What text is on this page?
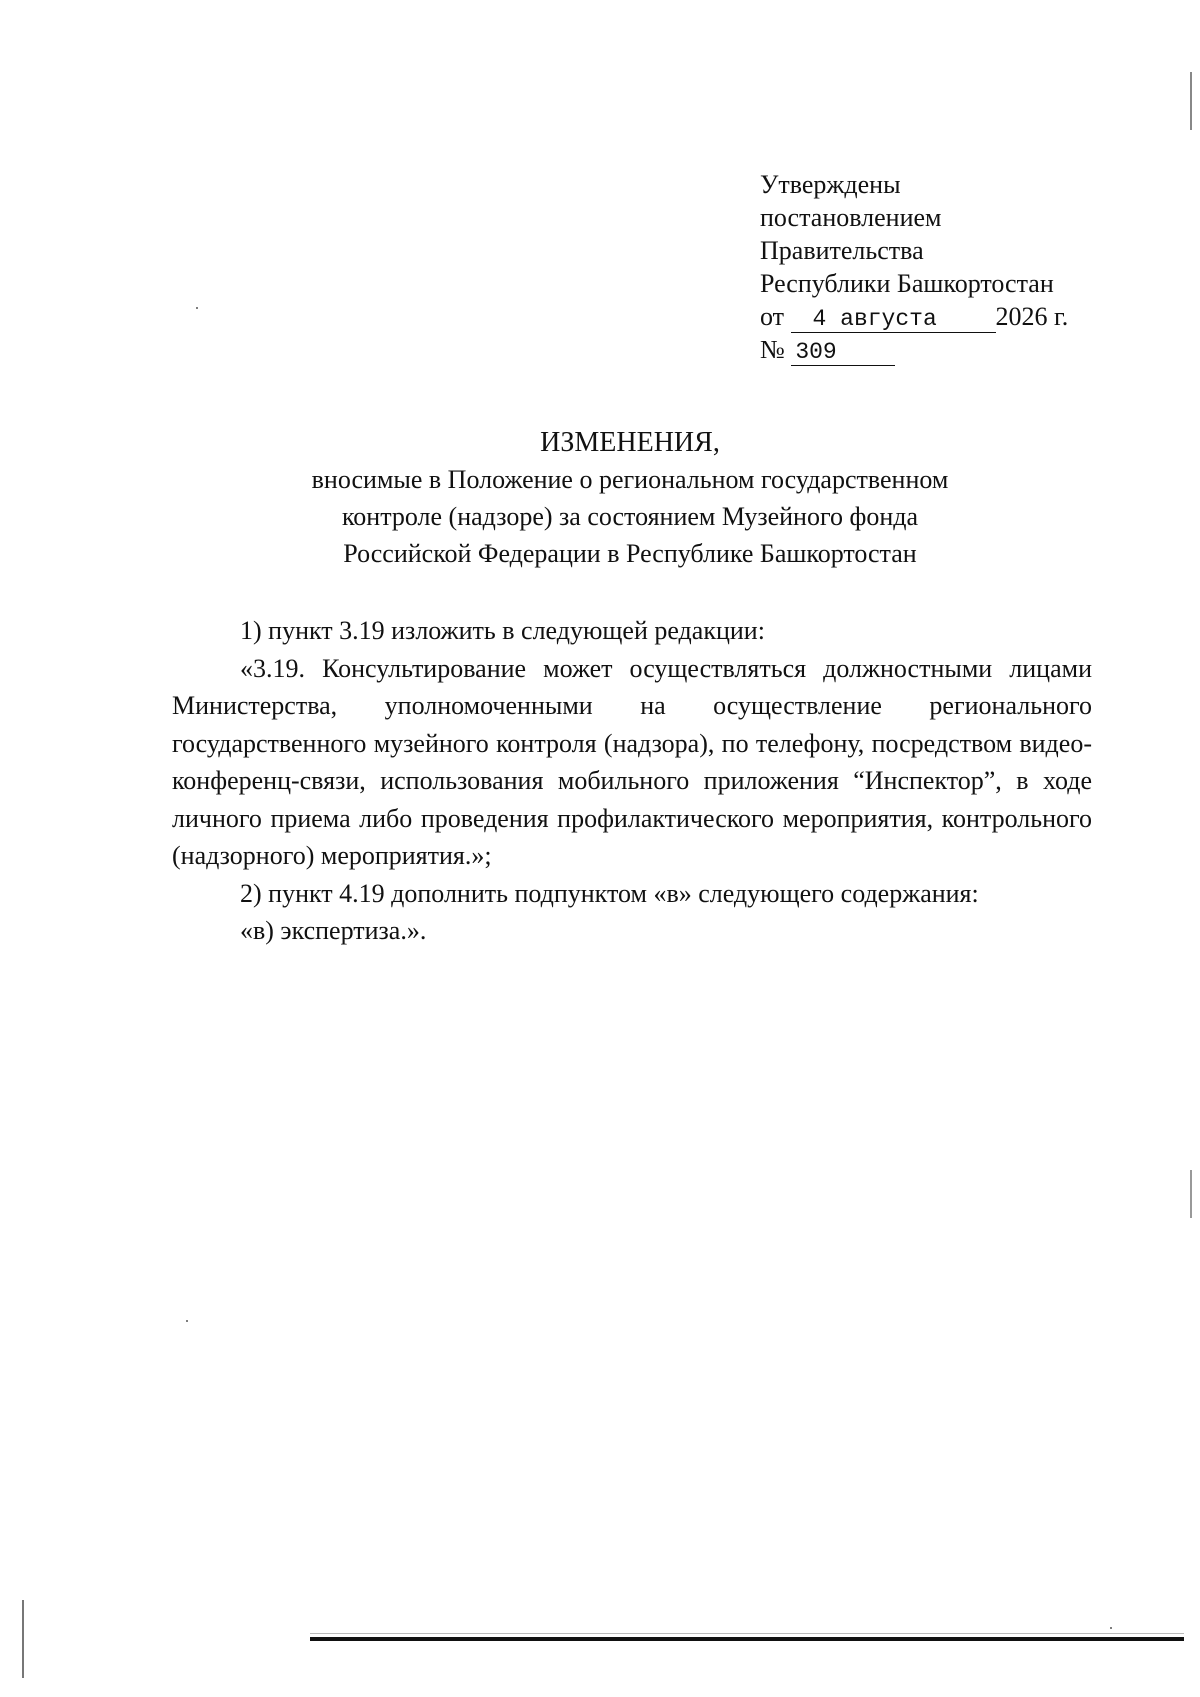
Утверждены
постановлением
Правительства
Республики Башкортостан
от 4 августа 2026 г.
№ 309
ИЗМЕНЕНИЯ,
вносимые в Положение о региональном государственном
контроле (надзоре) за состоянием Музейного фонда
Российской Федерации в Республике Башкортостан

1) пункт 3.19 изложить в следующей редакции:

«3.19. Консультирование может осуществляться должностными лицами Министерства, уполномоченными на осуществление регионального государственного музейного контроля (надзора), по телефону, посредством видео-конференц-связи, использования мобильного приложения “Инспектор”, в ходе личного приема либо проведения профилактического мероприятия, контрольного (надзорного) мероприятия.»;

2) пункт 4.19 дополнить подпунктом «в» следующего содержания:

«в) экспертиза.».
